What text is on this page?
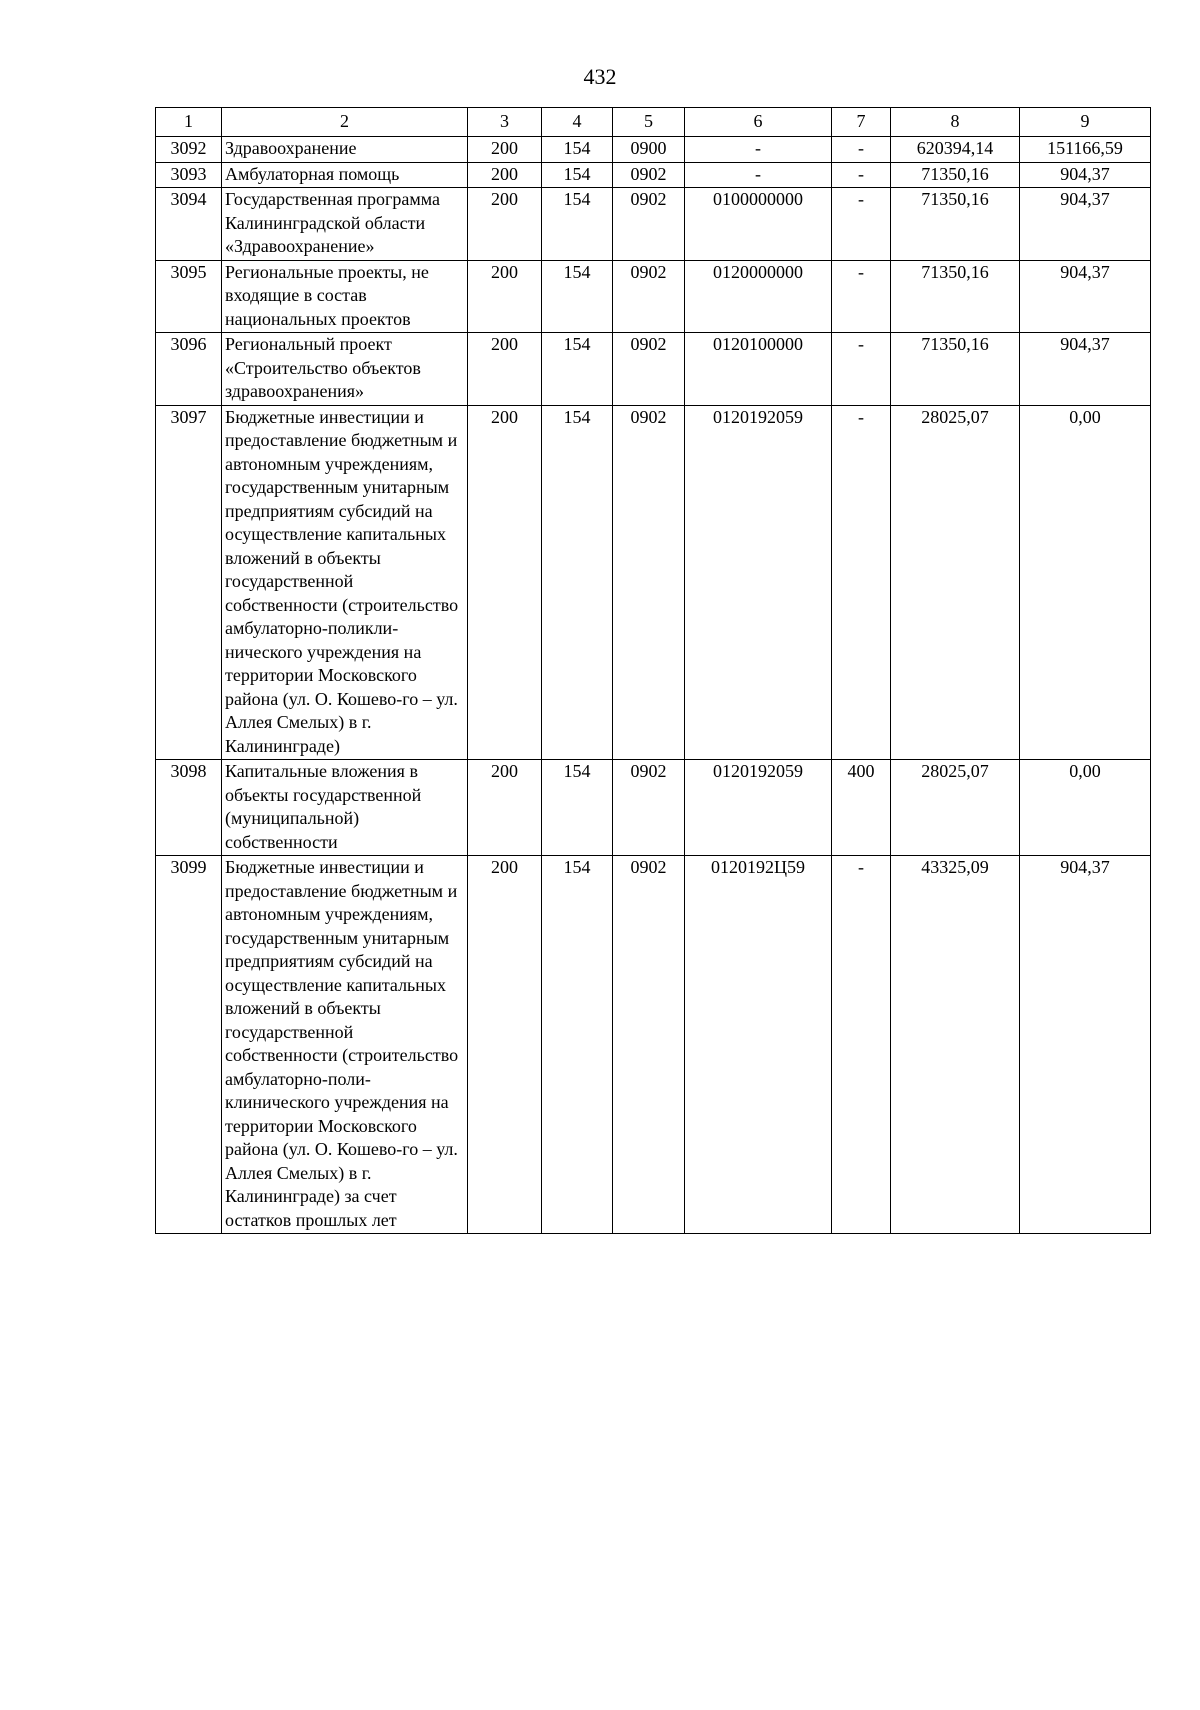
432
1	2	3	4	5	6	7	8	9
3092	Здравоохранение	200	154	0900	-	-	620394,14	151166,59
3093	Амбулаторная помощь	200	154	0902	-	-	71350,16	904,37
3094	Государственная программа Калининградской области «Здравоохранение»	200	154	0902	0100000000	-	71350,16	904,37
3095	Региональные проекты, не входящие в состав национальных проектов	200	154	0902	0120000000	-	71350,16	904,37
3096	Региональный проект «Строительство объектов здравоохранения»	200	154	0902	0120100000	-	71350,16	904,37
3097	Бюджетные инвестиции и предоставление бюджетным и автономным учреждениям, государственным унитарным предприятиям субсидий на осуществление капитальных вложений в объекты государственной собственности (строительство амбулаторно-поликли-нического учреждения на территории Московского района (ул. О. Кошево-го – ул. Аллея Смелых) в г. Калининграде)	200	154	0902	0120192059	-	28025,07	0,00
3098	Капитальные вложения в объекты государственной (муниципальной) собственности	200	154	0902	0120192059	400	28025,07	0,00
3099	Бюджетные инвестиции и предоставление бюджетным и автономным учреждениям, государственным унитарным предприятиям субсидий на осуществление капитальных вложений в объекты государственной собственности (строительство амбулаторно-поли-клинического учреждения на территории Московского района (ул. О. Кошево-го – ул. Аллея Смелых) в г. Калининграде) за счет остатков прошлых лет	200	154	0902	0120192Ц59	-	43325,09	904,37
